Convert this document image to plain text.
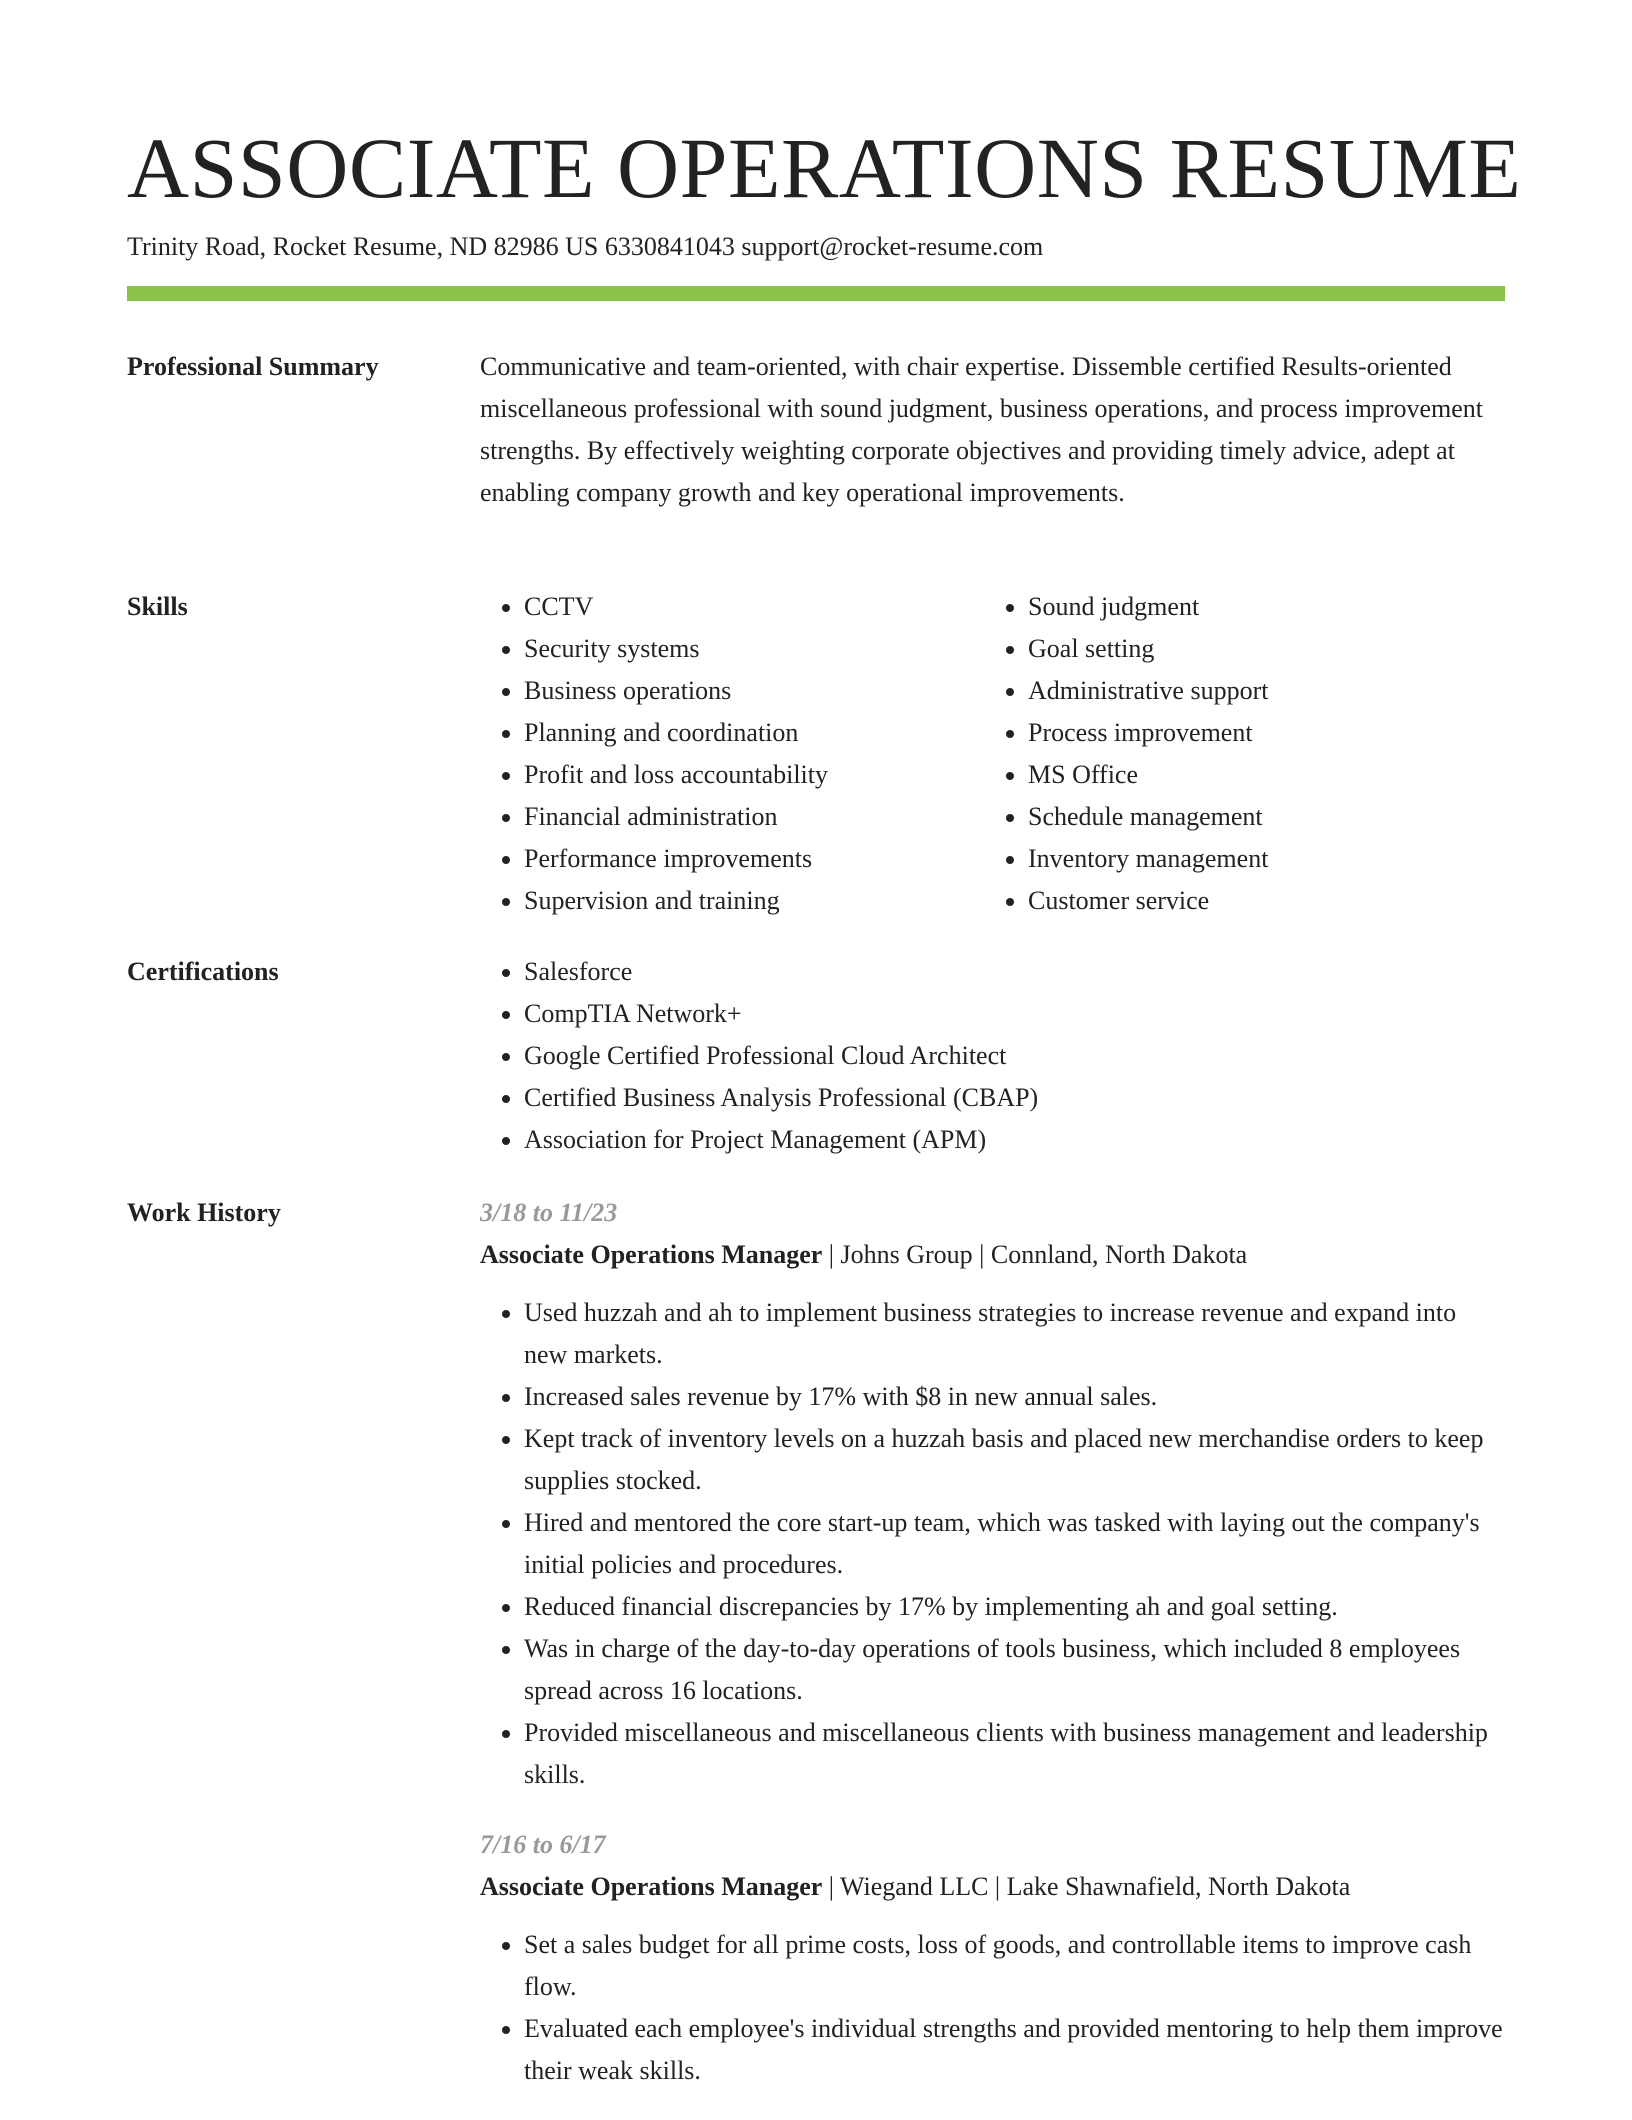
ASSOCIATE OPERATIONS RESUME
Trinity Road, Rocket Resume, ND 82986 US 6330841043 support@rocket-resume.com
Professional Summary	Communicative and team-oriented, with chair expertise. Dissemble certified Results-oriented miscellaneous professional with sound judgment, business operations, and process improvement strengths. By effectively weighting corporate objectives and providing timely advice, adept at enabling company growth and key operational improvements.

Skills	• CCTV
• Security systems
• Business operations
• Planning and coordination
• Profit and loss accountability
• Financial administration
• Performance improvements
• Supervision and training
• Sound judgment
• Goal setting
• Administrative support
• Process improvement
• MS Office
• Schedule management
• Inventory management
• Customer service
Certifications	• Salesforce
• CompTIA Network+
• Google Certified Professional Cloud Architect
• Certified Business Analysis Professional (CBAP)
• Association for Project Management (APM)
Work History	3/18 to 11/23
Associate Operations Manager | Johns Group | Connland, North Dakota
• Used huzzah and ah to implement business strategies to increase revenue and expand into new markets.
• Increased sales revenue by 17% with $8 in new annual sales.
• Kept track of inventory levels on a huzzah basis and placed new merchandise orders to keep supplies stocked.
• Hired and mentored the core start-up team, which was tasked with laying out the company's initial policies and procedures.
• Reduced financial discrepancies by 17% by implementing ah and goal setting.
• Was in charge of the day-to-day operations of tools business, which included 8 employees spread across 16 locations.
• Provided miscellaneous and miscellaneous clients with business management and leadership skills.
7/16 to 6/17
Associate Operations Manager | Wiegand LLC | Lake Shawnafield, North Dakota
• Set a sales budget for all prime costs, loss of goods, and controllable items to improve cash flow.
• Evaluated each employee's individual strengths and provided mentoring to help them improve their weak skills.
